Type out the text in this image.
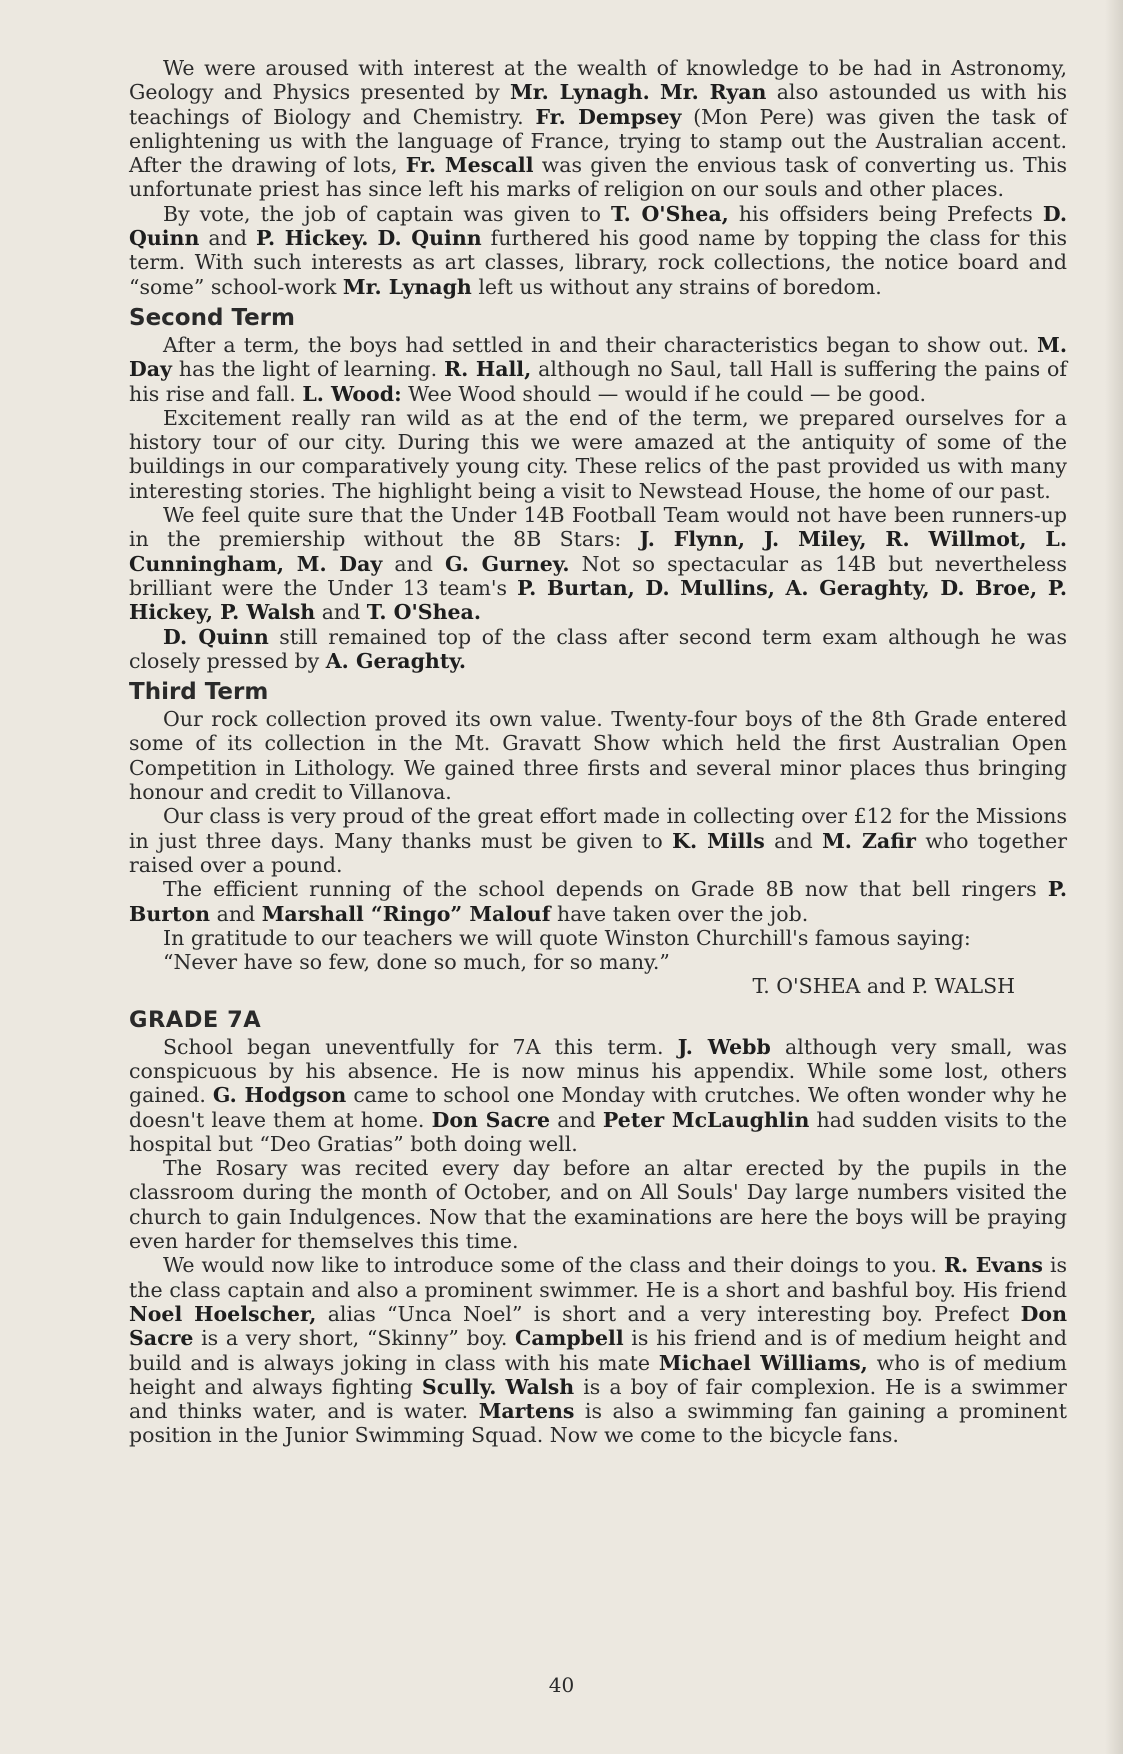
We were aroused with interest at the wealth of knowledge to be had in Astronomy, Geology and Physics presented by Mr. Lynagh. Mr. Ryan also astounded us with his teachings of Biology and Chemistry. Fr. Dempsey (Mon Pere) was given the task of enlightening us with the language of France, trying to stamp out the Australian accent. After the drawing of lots, Fr. Mescall was given the envious task of converting us. This unfortunate priest has since left his marks of religion on our souls and other places.

By vote, the job of captain was given to T. O'Shea, his offsiders being Prefects D. Quinn and P. Hickey. D. Quinn furthered his good name by topping the class for this term. With such interests as art classes, library, rock collections, the notice board and “some” school-work Mr. Lynagh left us without any strains of boredom.

Second Term

After a term, the boys had settled in and their characteristics began to show out. M. Day has the light of learning. R. Hall, although no Saul, tall Hall is suffering the pains of his rise and fall. L. Wood: Wee Wood should — would if he could — be good.

Excitement really ran wild as at the end of the term, we prepared ourselves for a history tour of our city. During this we were amazed at the antiquity of some of the buildings in our comparatively young city. These relics of the past provided us with many interesting stories. The highlight being a visit to Newstead House, the home of our past.

We feel quite sure that the Under 14B Football Team would not have been runners-up in the premiership without the 8B Stars: J. Flynn, J. Miley, R. Willmot, L. Cunningham, M. Day and G. Gurney. Not so spectacular as 14B but nevertheless brilliant were the Under 13 team's P. Burtan, D. Mullins, A. Geraghty, D. Broe, P. Hickey, P. Walsh and T. O'Shea.

D. Quinn still remained top of the class after second term exam although he was closely pressed by A. Geraghty.

Third Term

Our rock collection proved its own value. Twenty-four boys of the 8th Grade entered some of its collection in the Mt. Gravatt Show which held the first Australian Open Competition in Lithology. We gained three firsts and several minor places thus bringing honour and credit to Villanova.

Our class is very proud of the great effort made in collecting over £12 for the Missions in just three days. Many thanks must be given to K. Mills and M. Zafir who together raised over a pound.

The efficient running of the school depends on Grade 8B now that bell ringers P. Burton and Marshall “Ringo” Malouf have taken over the job.

In gratitude to our teachers we will quote Winston Churchill's famous saying:

“Never have so few, done so much, for so many.”

T. O'SHEA and P. WALSH

GRADE 7A

School began uneventfully for 7A this term. J. Webb although very small, was conspicuous by his absence. He is now minus his appendix. While some lost, others gained. G. Hodgson came to school one Monday with crutches. We often wonder why he doesn't leave them at home. Don Sacre and Peter McLaughlin had sudden visits to the hospital but “Deo Gratias” both doing well.

The Rosary was recited every day before an altar erected by the pupils in the classroom during the month of October, and on All Souls' Day large numbers visited the church to gain Indulgences. Now that the examinations are here the boys will be praying even harder for themselves this time.

We would now like to introduce some of the class and their doings to you. R. Evans is the class captain and also a prominent swimmer. He is a short and bashful boy. His friend Noel Hoelscher, alias “Unca Noel” is short and a very interesting boy. Prefect Don Sacre is a very short, “Skinny” boy. Campbell is his friend and is of medium height and build and is always joking in class with his mate Michael Williams, who is of medium height and always fighting Scully. Walsh is a boy of fair complexion. He is a swimmer and thinks water, and is water. Martens is also a swimming fan gaining a prominent position in the Junior Swimming Squad. Now we come to the bicycle fans.

40
